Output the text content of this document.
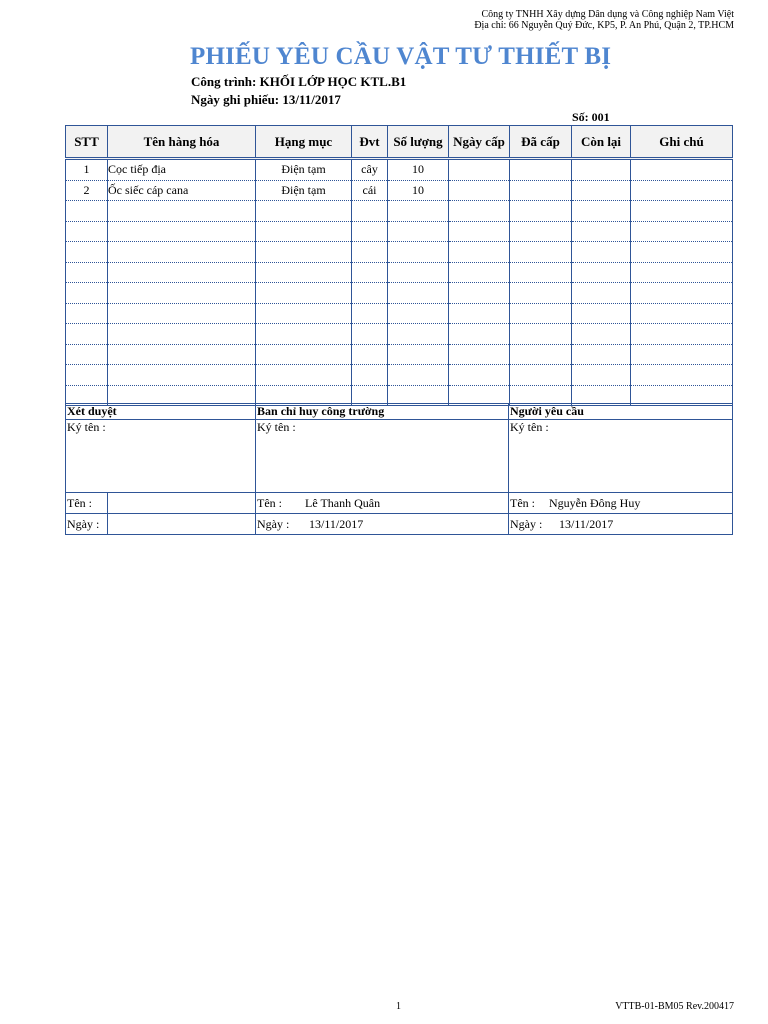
Công ty TNHH Xây dựng Dân dụng và Công nghiệp Nam Việt
Địa chỉ: 66 Nguyễn Quý Đức, KP5, P. An Phú, Quận 2, TP.HCM
PHIẾU YÊU CẦU VẬT TƯ THIẾT BỊ
Công trình: KHỐI LỚP HỌC KTL.B1
Ngày ghi phiếu: 13/11/2017
Số: 001
STT	Tên hàng hóa	Hạng mục	Đvt	Số lượng	Ngày cấp	Đã cấp	Còn lại	Ghi chú
1	Cọc tiếp địa	Điện tạm	cây	10				
2	Ốc siếc cáp cana	Điện tạm	cái	10				

Xét duyệt		Ban chỉ huy công trường	Người yêu cầu
Ký tên :		Ký tên :	Ký tên :
Tên :		Tên : Lê Thanh Quân	Tên : Nguyễn Đông Huy
Ngày :		Ngày : 13/11/2017	Ngày : 13/11/2017
1	VTTB-01-BM05 Rev.200417
